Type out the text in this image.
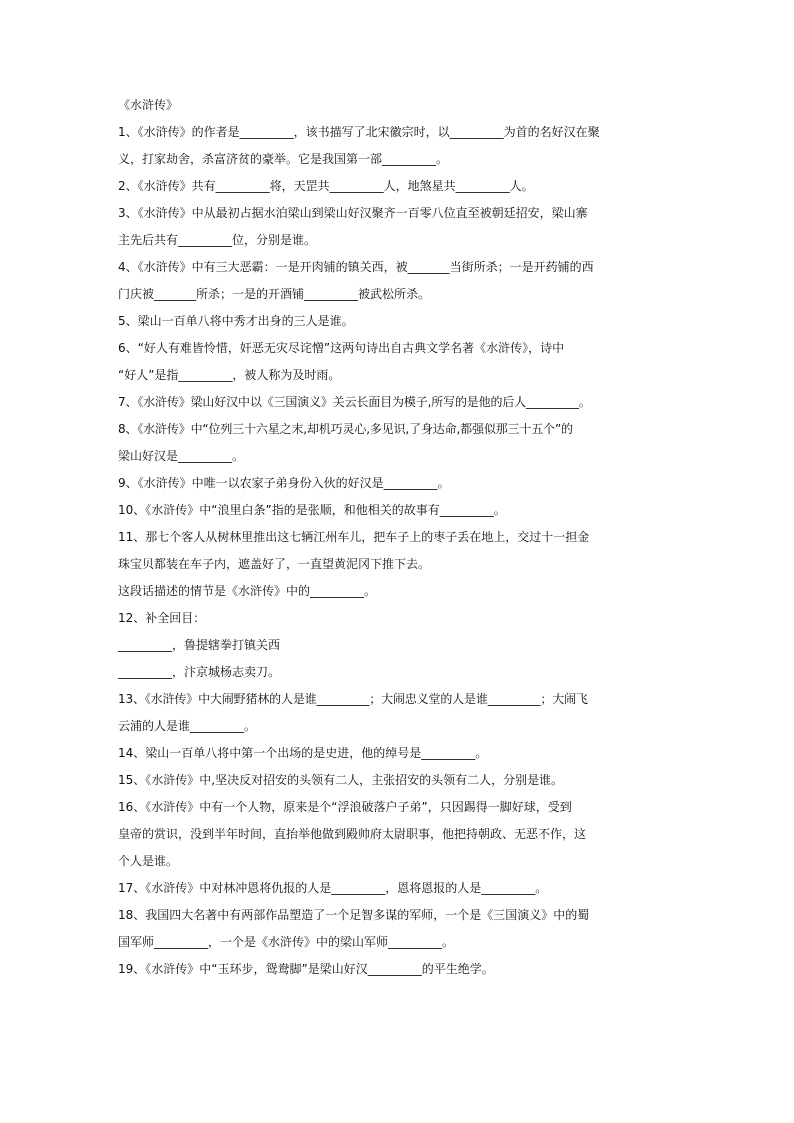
《水浒传》
1、《水浒传》的作者是_________，该书描写了北宋徽宗时，以_________为首的名好汉在聚
义，打家劫舍，杀富济贫的豪举。它是我国第一部_________。
2、《水浒传》共有_________将，天罡共_________人，地煞星共_________人。
3、《水浒传》中从最初占据水泊梁山到梁山好汉聚齐一百零八位直至被朝廷招安，梁山寨
主先后共有_________位，分别是谁。
4、《水浒传》中有三大恶霸：一是开肉铺的镇关西，被_______当街所杀；一是开药铺的西
门庆被_______所杀；一是的开酒铺_________被武松所杀。
5、梁山一百单八将中秀才出身的三人是谁。
6、“好人有难皆怜惜，奸恶无灾尽诧憎”这两句诗出自古典文学名著《水浒传》，诗中
“好人”是指_________，被人称为及时雨。
7、《水浒传》梁山好汉中以《三国演义》关云长面目为模子,所写的是他的后人_________。
8、《水浒传》中“位列三十六星之末,却机巧灵心,多见识,了身达命,都强似那三十五个”的
梁山好汉是_________。
9、《水浒传》中唯一以农家子弟身份入伙的好汉是_________。
10、《水浒传》中“浪里白条”指的是张顺，和他相关的故事有_________。
11、那七个客人从树林里推出这七辆江州车儿，把车子上的枣子丢在地上，交过十一担金
珠宝贝都装在车子内，遮盖好了，一直望黄泥冈下推下去。
这段话描述的情节是《水浒传》中的_________。
12、补全回目：
_________，鲁提辖拳打镇关西
_________，汴京城杨志卖刀。
13、《水浒传》中大闹野猪林的人是谁_________；大闹忠义堂的人是谁_________；大闹飞
云浦的人是谁_________。
14、梁山一百单八将中第一个出场的是史进，他的绰号是_________。
15、《水浒传》中,坚决反对招安的头领有二人，主张招安的头领有二人，分别是谁。
16、《水浒传》中有一个人物，原来是个“浮浪破落户子弟”，只因踢得一脚好球，受到
皇帝的赏识，没到半年时间，直抬举他做到殿帅府太尉职事，他把持朝政、无恶不作，这
个人是谁。
17、《水浒传》中对林冲恩将仇报的人是_________，恩将恩报的人是_________。
18、我国四大名著中有两部作品塑造了一个足智多谋的军师，一个是《三国演义》中的蜀
国军师_________，一个是《水浒传》中的梁山军师_________。
19、《水浒传》中“玉环步，鸳鸯脚”是梁山好汉_________的平生绝学。
